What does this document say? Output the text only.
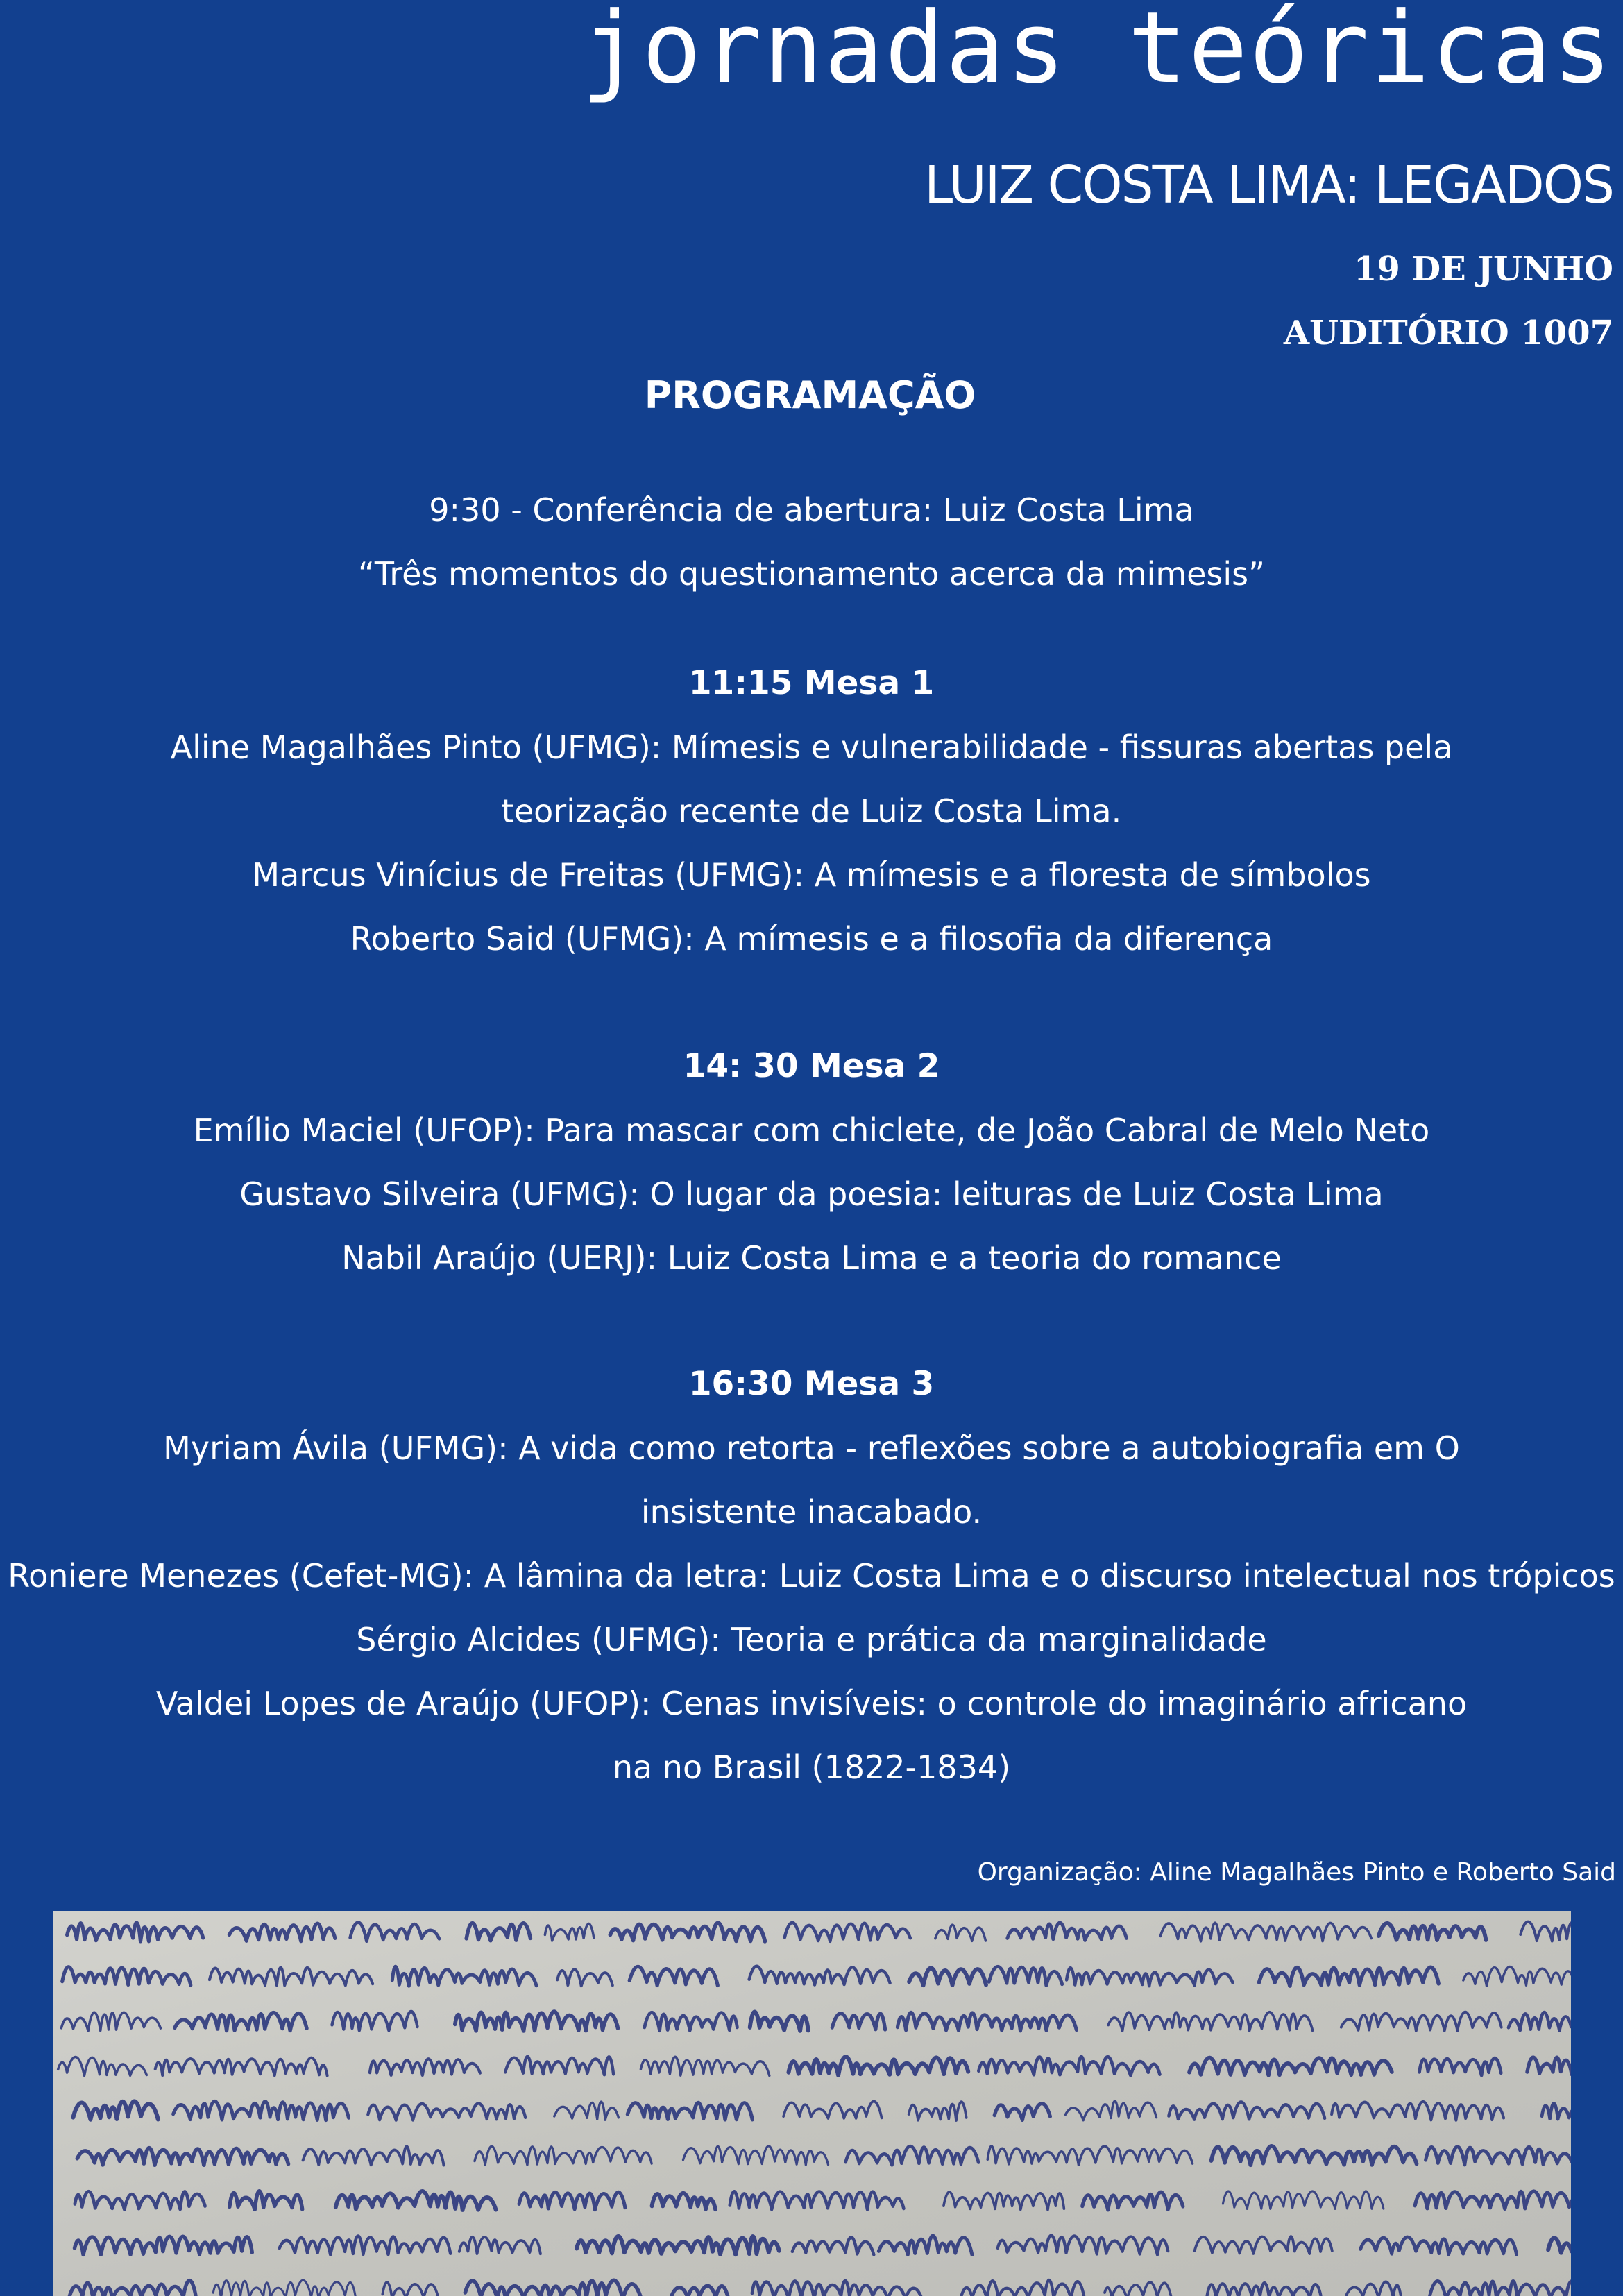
jornadas teóricas
LUIZ COSTA LIMA: LEGADOS
19 DE JUNHO
AUDITÓRIO 1007
PROGRAMAÇÃO
9:30 - Conferência de abertura: Luiz Costa Lima
“Três momentos do questionamento acerca da mimesis”
11:15 Mesa 1
Aline Magalhães Pinto (UFMG): Mímesis e vulnerabilidade - fissuras abertas pela
teorização recente de Luiz Costa Lima.
Marcus Vinícius de Freitas (UFMG): A mímesis e a floresta de símbolos
Roberto Said (UFMG): A mímesis e a filosofia da diferença
14: 30 Mesa 2
Emílio Maciel (UFOP): Para mascar com chiclete, de João Cabral de Melo Neto
Gustavo Silveira (UFMG): O lugar da poesia: leituras de Luiz Costa Lima
Nabil Araújo (UERJ): Luiz Costa Lima e a teoria do romance
16:30 Mesa 3
Myriam Ávila (UFMG): A vida como retorta - reflexões sobre a autobiografia em O
insistente inacabado.
Roniere Menezes (Cefet-MG): A lâmina da letra: Luiz Costa Lima e o discurso intelectual nos trópicos
Sérgio Alcides (UFMG): Teoria e prática da marginalidade
Valdei Lopes de Araújo (UFOP): Cenas invisíveis: o controle do imaginário africano
na no Brasil (1822-1834)
Organização: Aline Magalhães Pinto e Roberto Said
